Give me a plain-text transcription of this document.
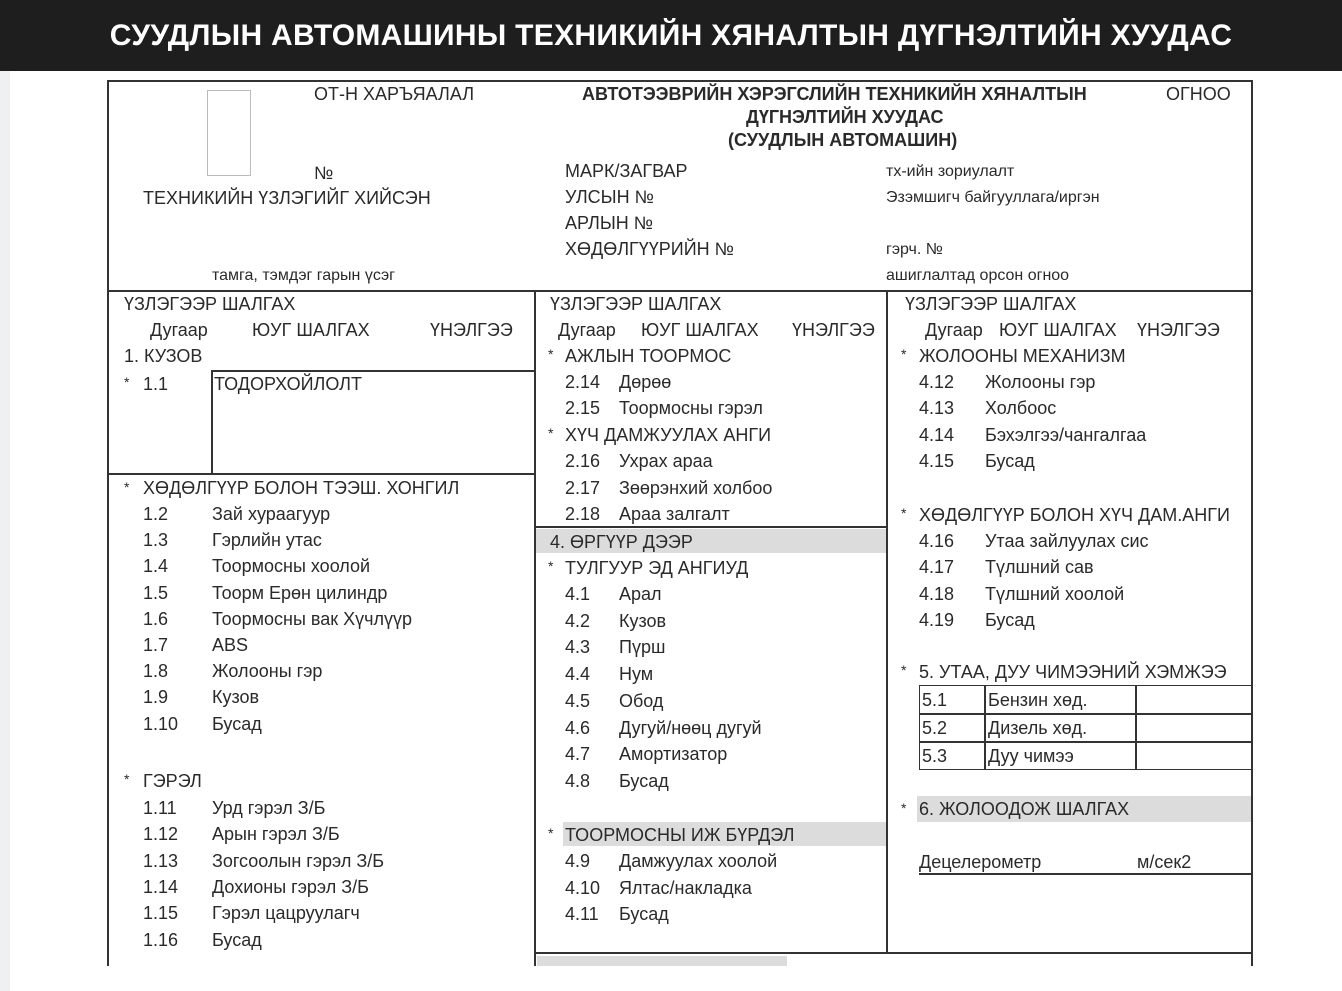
СУУДЛЫН АВТОМАШИНЫ ТЕХНИКИЙН ХЯНАЛТЫН ДҮГНЭЛТИЙН ХУУДАС
ОТ-Н ХАРЪЯАЛАЛ	АВТОТЭЭВРИЙН ХЭРЭГСЛИЙН ТЕХНИКИЙН ХЯНАЛТЫН
ДҮГНЭЛТИЙН ХУУДАС
(СУУДЛЫН АВТОМАШИН)
ОГНОО
№
ТЕХНИКИЙН ҮЗЛЭГИЙГ ХИЙСЭН
тамга, тэмдэг гарын үсэг
МАРК/ЗАГВАР
УЛСЫН №
АРЛЫН №
ХӨДӨЛГҮҮРИЙН №
тх-ийн зориулалт
Эзэмшигч байгууллага/иргэн
гэрч. №
ашиглалтад орсон огноо
ҮЗЛЭГЭЭР ШАЛГАХ
Дугаар ЮУГ ШАЛГАХ	ҮНЭЛГЭЭ
ҮЗЛЭГЭЭР ШАЛГАХ
Дугаар ЮУГ ШАЛГАХ ҮНЭЛГЭЭ
ҮЗЛЭГЭЭР ШАЛГАХ
Дугаар ЮУГ ШАЛГАХ ҮНЭЛГЭЭ
1. КУЗОВ
* 1.1	ТОДОРХОЙЛОЛТ
* ХӨДӨЛГҮҮР БОЛОН ТЭЭШ. ХОНГИЛ
1.2 Зай хураагуур
1.3 Гэрлийн утас
1.4 Тоормосны хоолой
1.5 Тоорм Ерөн цилиндр
1.6 Тоормосны вак Хүчлүүр
1.7 ABS
1.8 Жолооны гэр
1.9 Кузов
1.10 Бусад
* ГЭРЭЛ
1.11 Урд гэрэл З/Б
1.12 Арын гэрэл З/Б
1.13 Зогсоолын гэрэл З/Б
1.14 Дохионы гэрэл З/Б
1.15 Гэрэл цацруулагч
1.16 Бусад
* АЖЛЫН ТООРМОС
2.14 Дөрөө
2.15 Тоормосны гэрэл
* ХҮЧ ДАМЖУУЛАХ АНГИ
2.16 Ухрах араа
2.17 Зөөрэнхий холбоо
2.18 Араа залгалт
4. ӨРГҮҮР ДЭЭР
* ТУЛГУУР ЭД АНГИУД
4.1 Арал
4.2 Кузов
4.3 Пүрш
4.4 Нум
4.5 Обод
4.6 Дугуй/нөөц дугуй
4.7 Амортизатор
4.8 Бусад
* ТООРМОСНЫ ИЖ БҮРДЭЛ
4.9 Дамжуулах хоолой
4.10 Ялтас/накладка
4.11 Бусад
* ЖОЛООНЫ МЕХАНИЗМ
4.12 Жолооны гэр
4.13 Холбоос
4.14 Бэхэлгээ/чангалгаа
4.15 Бусад
* ХӨДӨЛГҮҮР БОЛОН ХҮЧ ДАМ.АНГИ
4.16 Утаа зайлуулах сис
4.17 Түлшний сав
4.18 Түлшний хоолой
4.19 Бусад
* 5. УТАА, ДУУ ЧИМЭЭНИЙ ХЭМЖЭЭ
5.1 Бензин хөд.
5.2 Дизель хөд.
5.3 Дуу чимээ
* 6. ЖОЛООДОЖ ШАЛГАХ
Децелерометр	м/сек2
